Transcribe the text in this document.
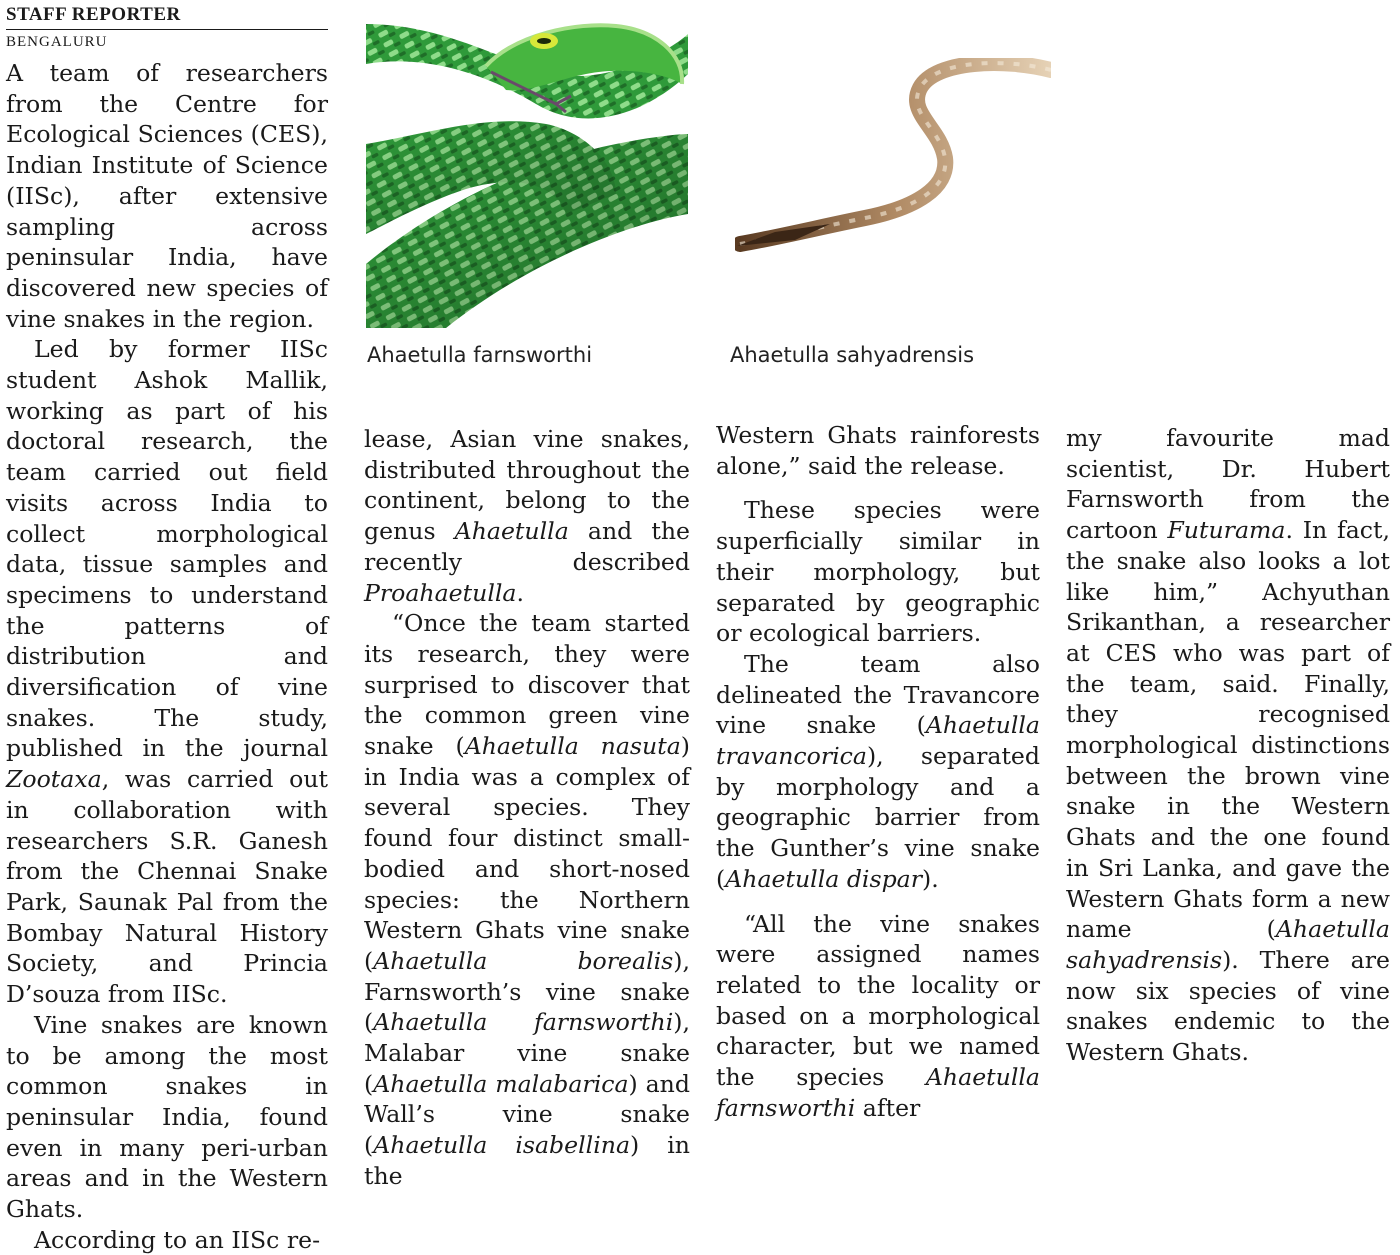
STAFF REPORTER
BENGALURU

A team of researchers from the Centre for Ecological Sciences (CES), Indian Institute of Science (IISc), after extensive sampling across peninsular India, have discovered new species of vine snakes in the region.

Led by former IISc student Ashok Mallik, working as part of his doctoral research, the team carried out field visits across India to collect morphological data, tissue samples and specimens to understand the patterns of distribution and diversification of vine snakes. The study, published in the journal Zootaxa, was carried out in collaboration with researchers S.R. Ganesh from the Chennai Snake Park, Saunak Pal from the Bombay Natural History Society, and Princia D’souza from IISc.

Vine snakes are known to be among the most common snakes in peninsular India, found even in many peri-urban areas and in the Western Ghats.

According to an IISc re-

Ahaetulla farnsworthi	Ahaetulla sahyadrensis

lease, Asian vine snakes, distributed throughout the continent, belong to the genus Ahaetulla and the recently described Proahaetulla.

“Once the team started its research, they were surprised to discover that the common green vine snake (Ahaetulla nasuta) in India was a complex of several species. They found four distinct small-bodied and short-nosed species: the Northern Western Ghats vine snake (Ahaetulla borealis), Farnsworth’s vine snake (Ahaetulla farnsworthi), Malabar vine snake (Ahaetulla malabarica) and Wall’s vine snake (Ahaetulla isabellina) in the

Western Ghats rainforests alone,” said the release.

These species were superficially similar in their morphology, but separated by geographic or ecological barriers.

The team also delineated the Travancore vine snake (Ahaetulla travancorica), separated by morphology and a geographic barrier from the Gunther’s vine snake (Ahaetulla dispar).

“All the vine snakes were assigned names related to the locality or based on a morphological character, but we named the species Ahaetulla farnsworthi after

my favourite mad scientist, Dr. Hubert Farnsworth from the cartoon Futurama. In fact, the snake also looks a lot like him,” Achyuthan Srikanthan, a researcher at CES who was part of the team, said. Finally, they recognised morphological distinctions between the brown vine snake in the Western Ghats and the one found in Sri Lanka, and gave the Western Ghats form a new name (Ahaetulla sahyadrensis). There are now six species of vine snakes endemic to the Western Ghats.
